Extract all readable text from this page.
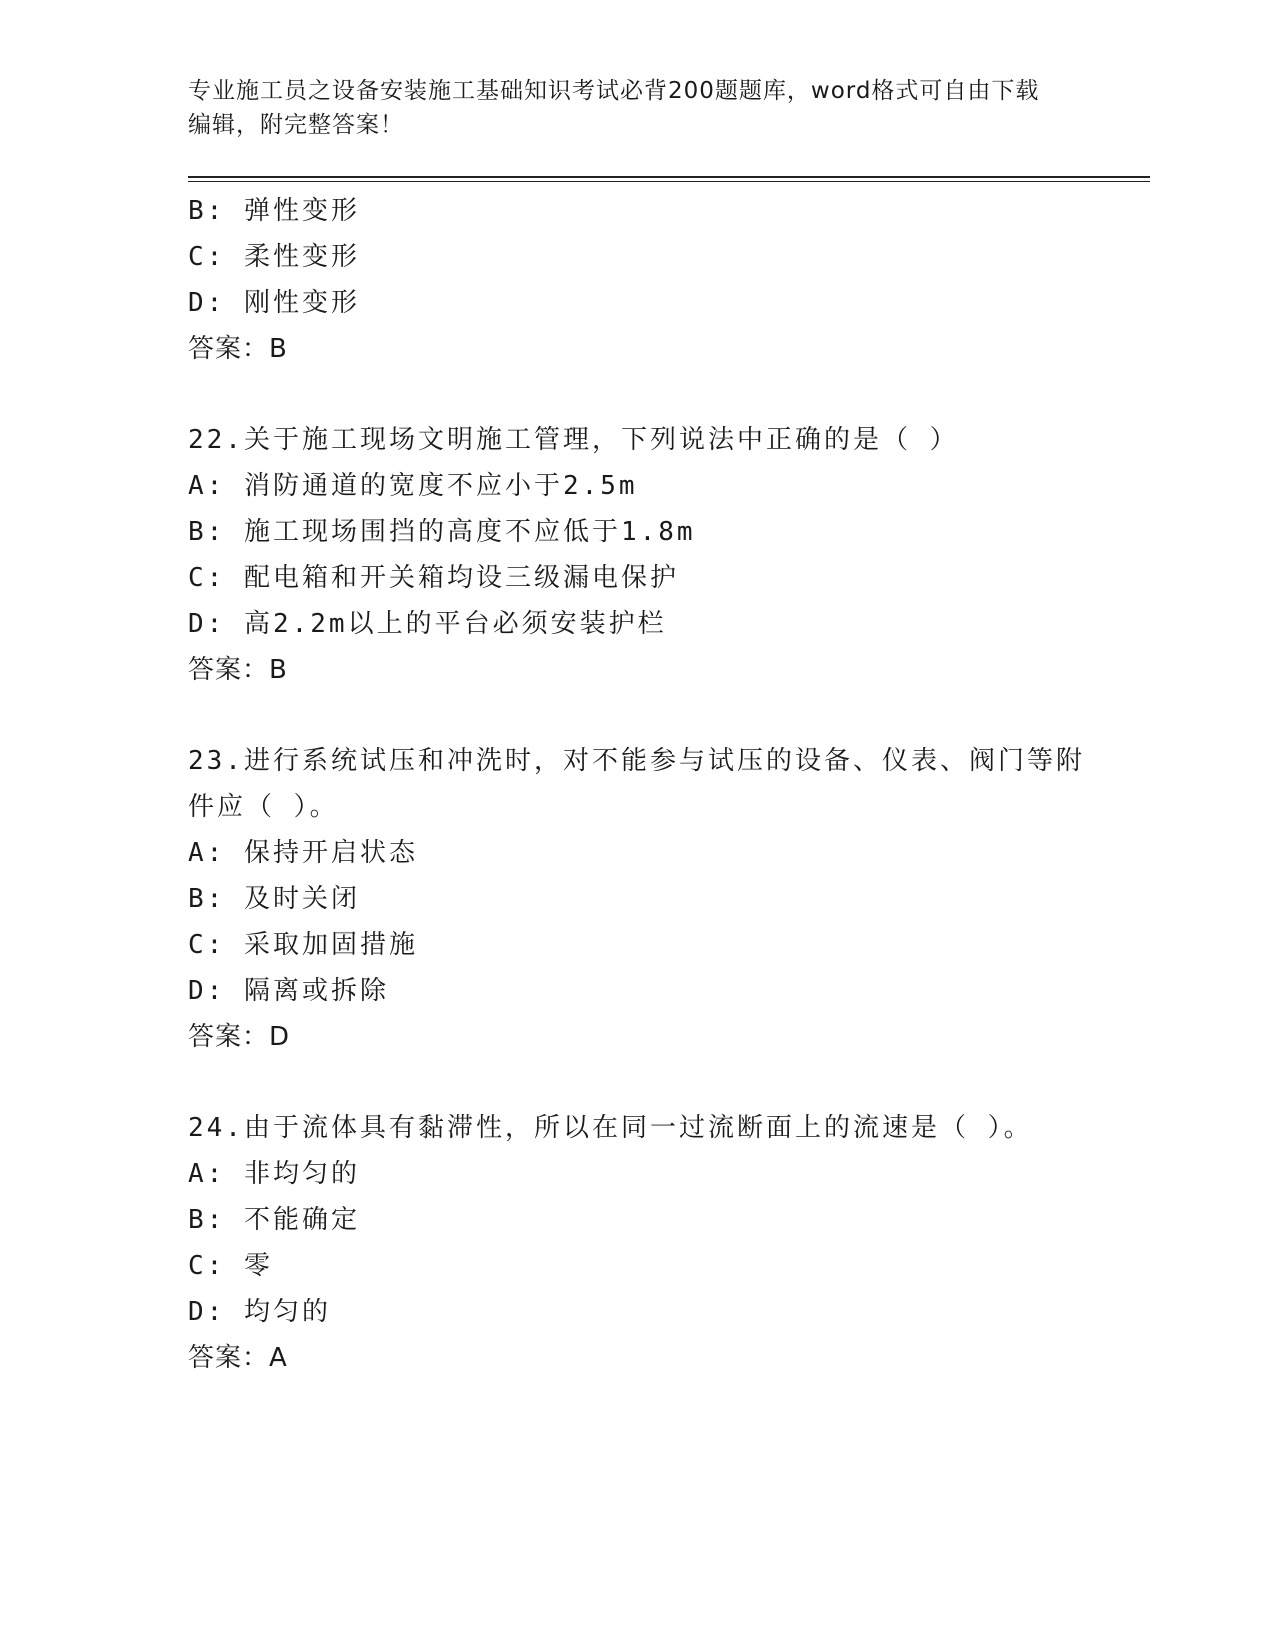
专业施工员之设备安装施工基础知识考试必背200题题库，word格式可自由下载
编辑，附完整答案！
B: 弹性变形
C: 柔性变形
D: 刚性变形
答案：B
22.关于施工现场文明施工管理，下列说法中正确的是（ ）
A: 消防通道的宽度不应小于2.5m
B: 施工现场围挡的高度不应低于1.8m
C: 配电箱和开关箱均设三级漏电保护
D: 高2.2m以上的平台必须安装护栏
答案：B
23.进行系统试压和冲洗时，对不能参与试压的设备、仪表、阀门等附
件应（ ）。
A: 保持开启状态
B: 及时关闭
C: 采取加固措施
D: 隔离或拆除
答案：D
24.由于流体具有黏滞性，所以在同一过流断面上的流速是（ ）。
A: 非均匀的
B: 不能确定
C: 零
D: 均匀的
答案：A
